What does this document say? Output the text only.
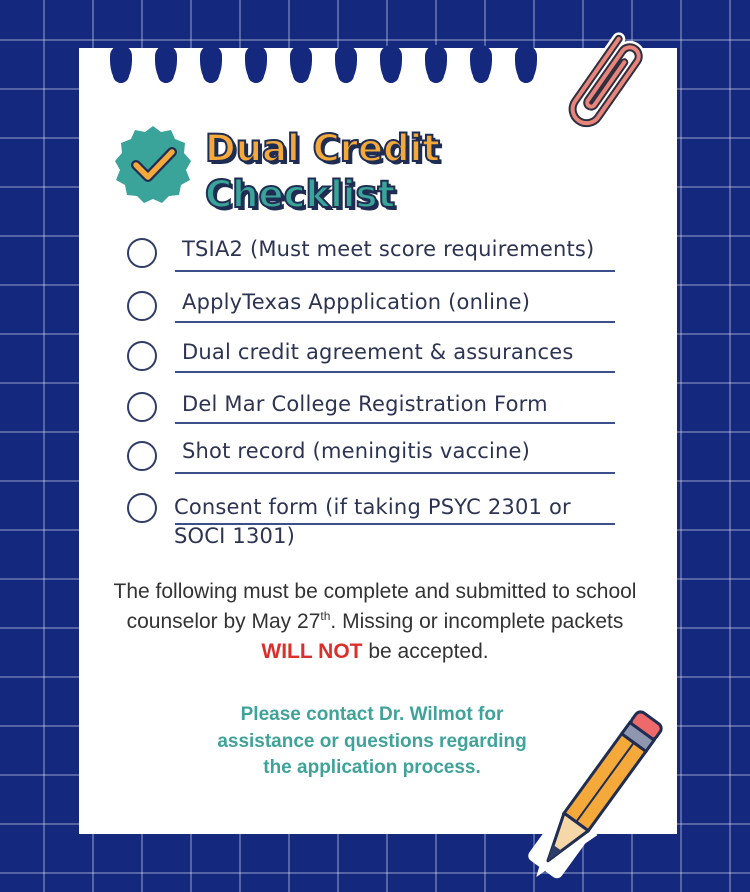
Dual Credit
Checklist
TSIA2 (Must meet score requirements)
ApplyTexas Appplication (online)
Dual credit agreement & assurances
Del Mar College Registration Form
Shot record (meningitis vaccine)
Consent form (if taking PSYC 2301 or
SOCI 1301)
The following must be complete and submitted to school counselor by May 27th. Missing or incomplete packets WILL NOT be accepted.
Please contact Dr. Wilmot for assistance or questions regarding the application process.
